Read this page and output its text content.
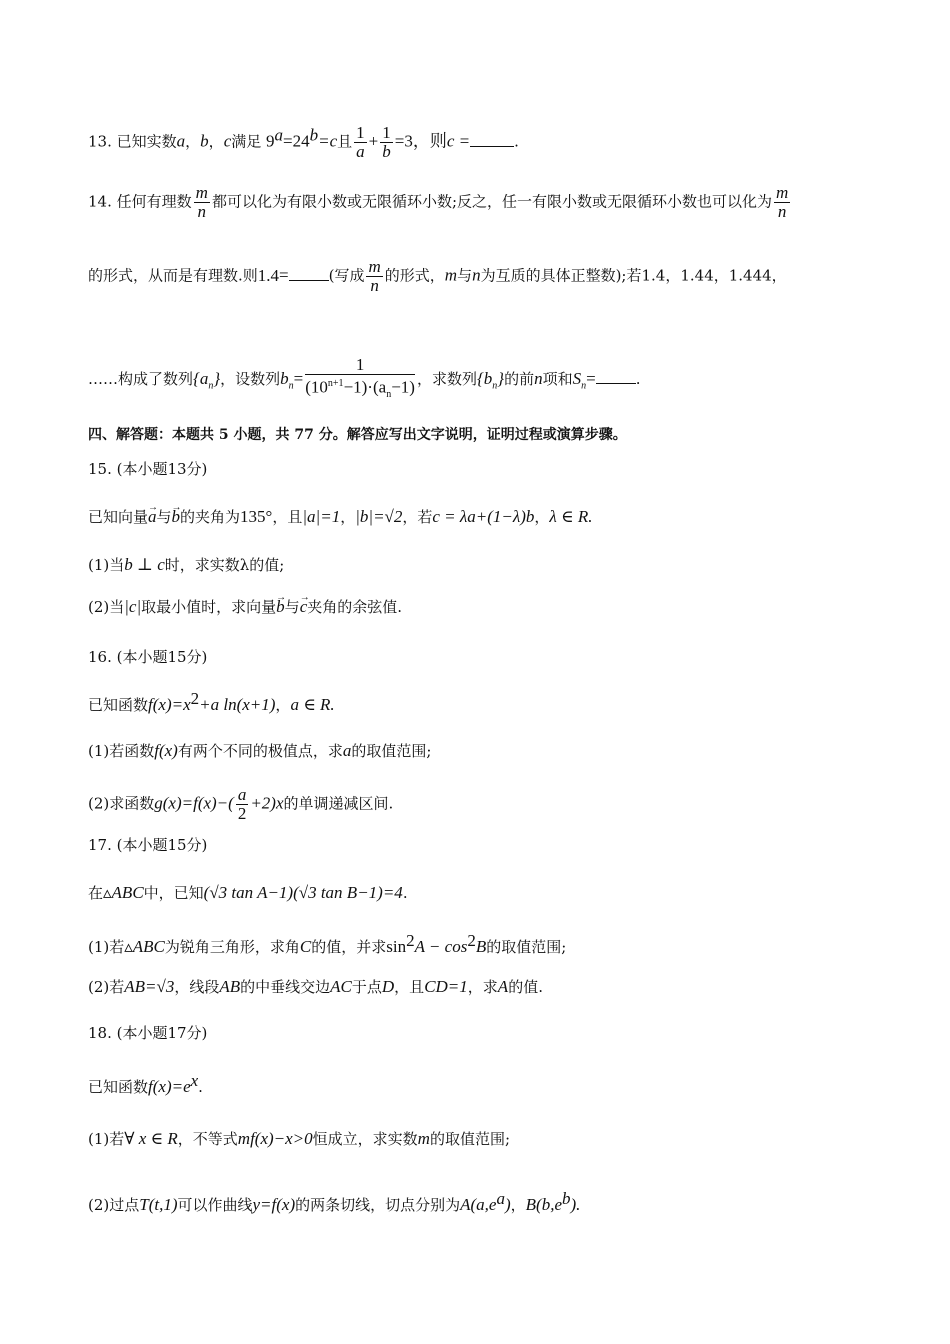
13. 已知实数a，b，c满足 $9^a=24^b=c$且 $\frac{1}{a} + \frac{1}{b} =3$，则c =	.
14. 任何有理数 $\frac{m}{n}$ 都可以化为有限小数或无限循环小数;反之，任一有限小数或无限循环小数也可以化为 $\frac{m}{n}$
的形式，从而是有理数.则1.4=	(写成 $\frac{m}{n}$ 的形式，m与n为互质的具体正整数);若1.4，1.44，1.444，
……构成了数列$\{a_n\}$，设数列$b_n= \frac{1}{(10^{n+1}-1)\cdot(a_n-1)}$ ，求数列$\{b_n\}$的前n项和$S_n=$	.
四、解答题：本题共 5 小题，共 77 分。解答应写出文字说明，证明过程或演算步骤。
15. (本小题13分)
已知向量→ a与→ b的夹角为135°，且|a|=1，|b|=√2，若c = λa+(1−λ)b，λ ∈ R.
(1)当b ⊥ c时，求实数λ的值;
(2)当|c|取最小值时，求向量→ b与→ c夹角的余弦值.
16. (本小题15分)
已知函数$f(x)=x^2+a$ ln(x+1)，a ∈ R.
(1)若函数f(x)有两个不同的极值点，求a的取值范围;
(2)求函数$g(x)=f(x)-( \frac{a}{2} +2)x$的单调递减区间.
17. (本小题15分)
在▵ABC中，已知(√3 tan A−1)(√3 tan B−1)=4.
(1)若▵ABC为锐角三角形，求角C的值，并求$\sin^2A - \cos^2B$的取值范围;
(2)若AB=√3，线段AB的中垂线交边AC于点D，且CD=1，求A的值.
18. (本小题17分)
已知函数$f(x)=e^x$.
(1)若∀ x ∈ R，不等式mf(x)−x>0恒成立，求实数m的取值范围;
(2)过点T(t,1)可以作曲线y=f(x)的两条切线，切点分别为$A(a,e^a)$，$B(b,e^b)$.
